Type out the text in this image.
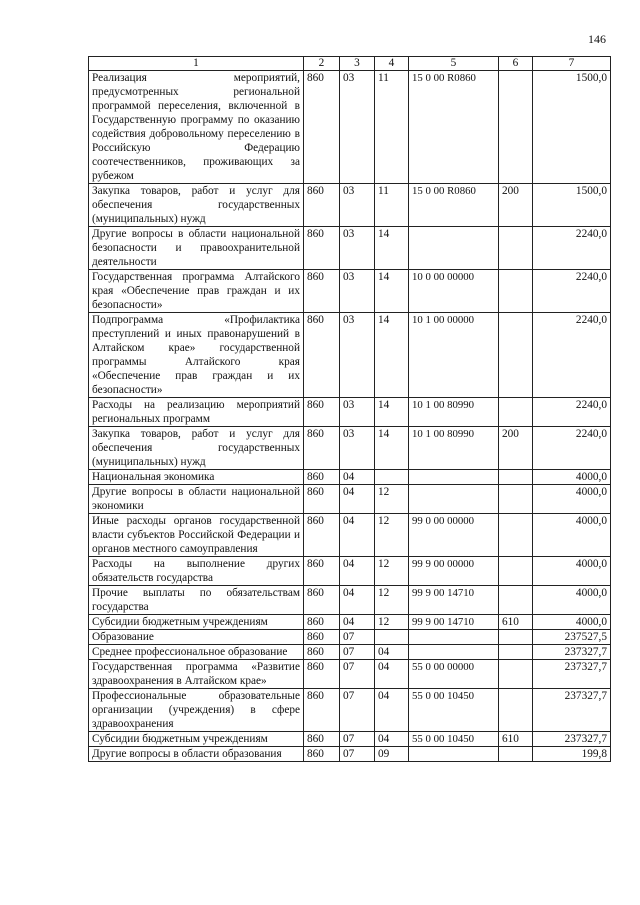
146
1	2	3	4	5	6	7
Реализация мероприятий, предусмотренных региональной программой переселения, включенной в Государственную программу по оказанию содействия добровольному переселению в Российскую Федерацию соотечественников, проживающих за рубежом	860	03	11	15 0 00 R0860		1500,0
Закупка товаров, работ и услуг для обеспечения государственных (муниципальных) нужд	860	03	11	15 0 00 R0860	200	1500,0
Другие вопросы в области национальной безопасности и правоохранительной деятельности	860	03	14			2240,0
Государственная программа Алтайского края «Обеспечение прав граждан и их безопасности»	860	03	14	10 0 00 00000		2240,0
Подпрограмма «Профилактика преступлений и иных правонарушений в Алтайском крае» государственной программы Алтайского края «Обеспечение прав граждан и их безопасности»	860	03	14	10 1 00 00000		2240,0
Расходы на реализацию мероприятий региональных программ	860	03	14	10 1 00 80990		2240,0
Закупка товаров, работ и услуг для обеспечения государственных (муниципальных) нужд	860	03	14	10 1 00 80990	200	2240,0
Национальная экономика	860	04				4000,0
Другие вопросы в области национальной экономики	860	04	12			4000,0
Иные расходы органов государственной власти субъектов Российской Федерации и органов местного самоуправления	860	04	12	99 0 00 00000		4000,0
Расходы на выполнение других обязательств государства	860	04	12	99 9 00 00000		4000,0
Прочие выплаты по обязательствам государства	860	04	12	99 9 00 14710		4000,0
Субсидии бюджетным учреждениям	860	04	12	99 9 00 14710	610	4000,0
Образование	860	07				237527,5
Среднее профессиональное образование	860	07	04			237327,7
Государственная программа «Развитие здравоохранения в Алтайском крае»	860	07	04	55 0 00 00000		237327,7
Профессиональные образовательные организации (учреждения) в сфере здравоохранения	860	07	04	55 0 00 10450		237327,7
Субсидии бюджетным учреждениям	860	07	04	55 0 00 10450	610	237327,7
Другие вопросы в области образования	860	07	09			199,8
